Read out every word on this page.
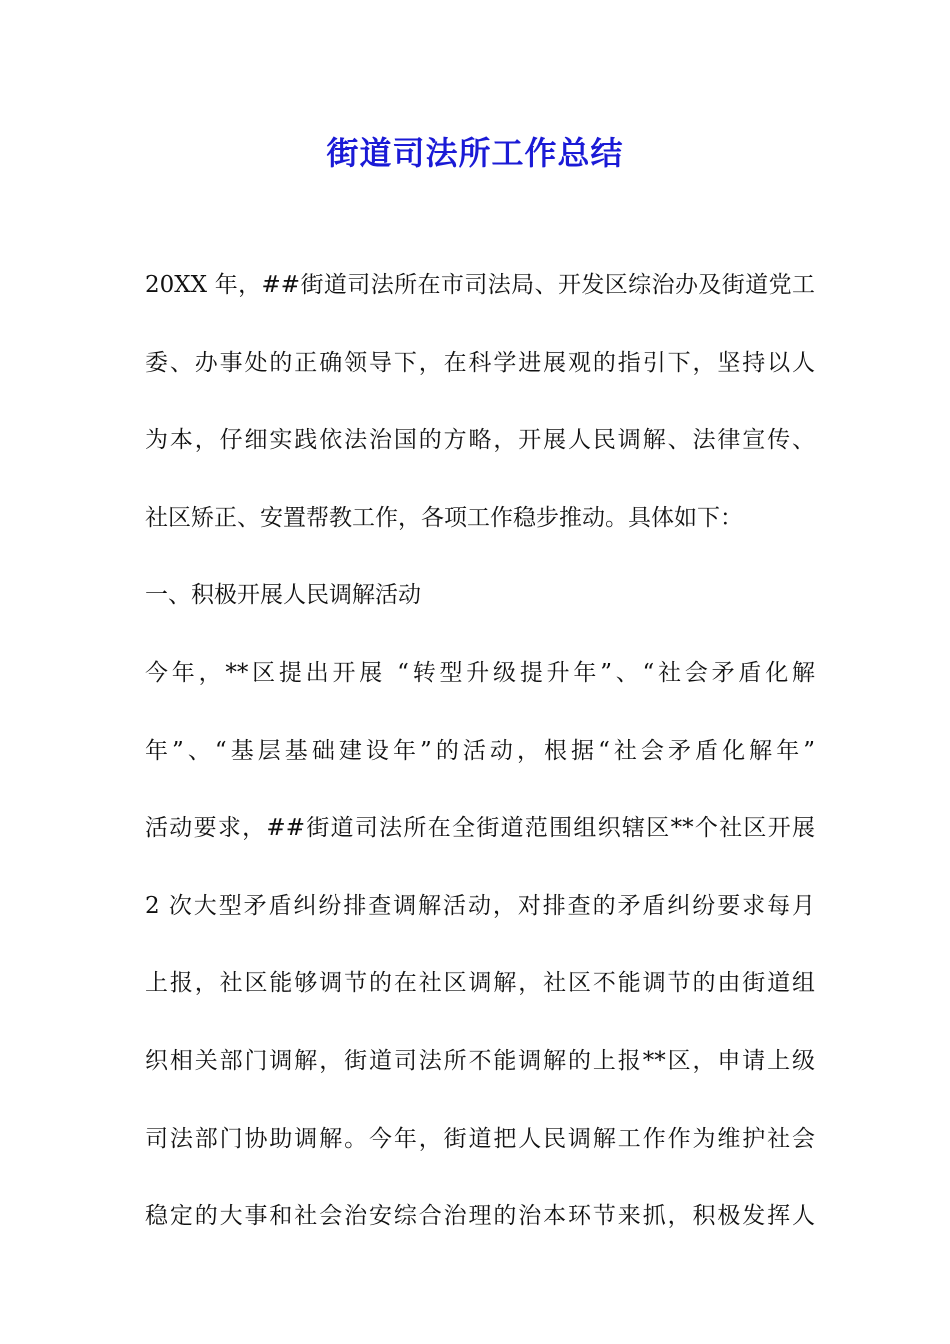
街道司法所工作总结
20XX 年，##街道司法所在市司法局、开发区综治办及街道党工
委、办事处的正确领导下，在科学进展观的指引下，坚持以人
为本，仔细实践依法治国的方略，开展人民调解、法律宣传、
社区矫正、安置帮教工作，各项工作稳步推动。具体如下：
一、积极开展人民调解活动
今年，**区提出开展 “转型升级提升年”、“社会矛盾化解
年”、“基层基础建设年”的活动，根据“社会矛盾化解年”
活动要求，##街道司法所在全街道范围组织辖区**个社区开展
2 次大型矛盾纠纷排查调解活动，对排查的矛盾纠纷要求每月
上报，社区能够调节的在社区调解，社区不能调节的由街道组
织相关部门调解，街道司法所不能调解的上报**区，申请上级
司法部门协助调解。今年，街道把人民调解工作作为维护社会
稳定的大事和社会治安综合治理的治本环节来抓，积极发挥人
